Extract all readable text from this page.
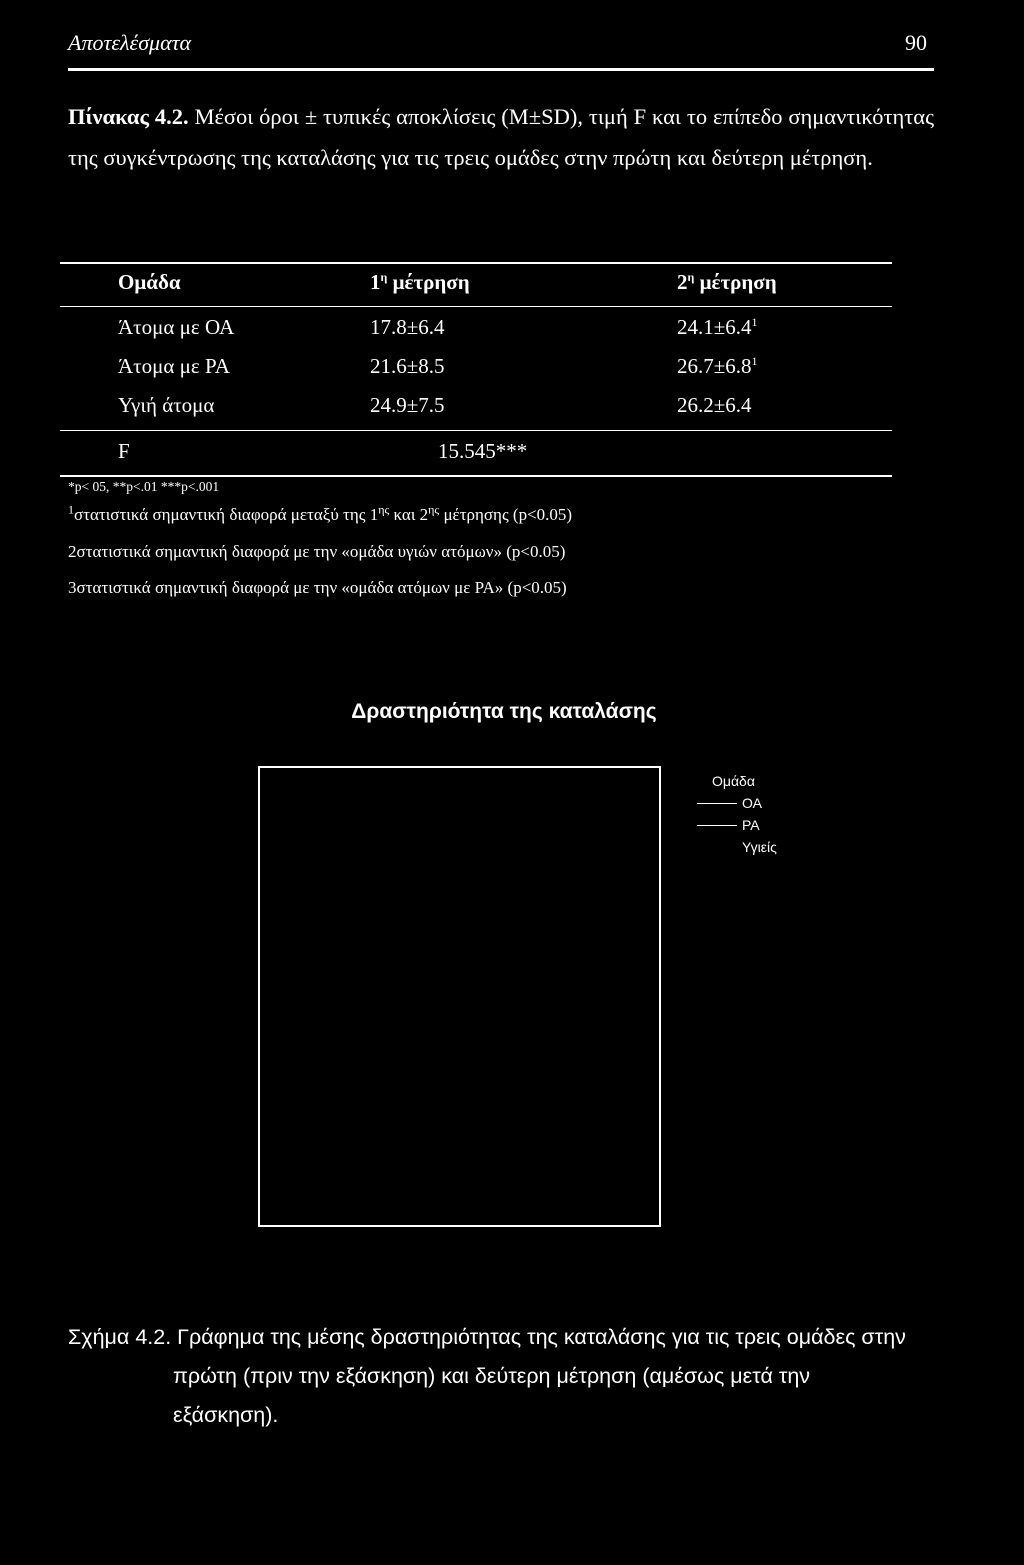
Αποτελέσματα	90
Πίνακας 4.2. Μέσοι όροι ± τυπικές αποκλίσεις (M±SD), τιμή F και το επίπεδο σημαντικότητας της συγκέντρωσης της καταλάσης για τις τρεις ομάδες στην πρώτη και δεύτερη μέτρηση.
Ομάδα	$1^\eta$ μέτρηση	$2^\eta$ μέτρηση
Άτομα με ΟΑ	17.8±6.4	$24.1\pm 6.4^1$
Άτομα με ΡΑ	21.6±8.5	$26.7\pm 6.8^1$
Υγιή άτομα	24.9±7.5	26.2±6.4
F	15.545***
*p< 05, **p<.01 ***p<.001
$^1$στατιστικά σημαντική διαφορά μεταξύ της $1^{\eta\varsigma}$ και $2^{\eta\varsigma}$ μέτρησης (p<0.05)
2στατιστικά σημαντική διαφορά με την «ομάδα υγιών ατόμων» (p<0.05)
3στατιστικά σημαντική διαφορά με την «ομάδα ατόμων με ΡΑ» (p<0.05)
Δραστηριότητα της καταλάσης
Ομάδα
ΟΑ
ΡΑ
Υγιείς
Σχήμα 4.2. Γράφημα της μέσης δραστηριότητας της καταλάσης για τις τρεις ομάδες στην
πρώτη (πριν την εξάσκηση) και δεύτερη μέτρηση (αμέσως μετά την
εξάσκηση).
